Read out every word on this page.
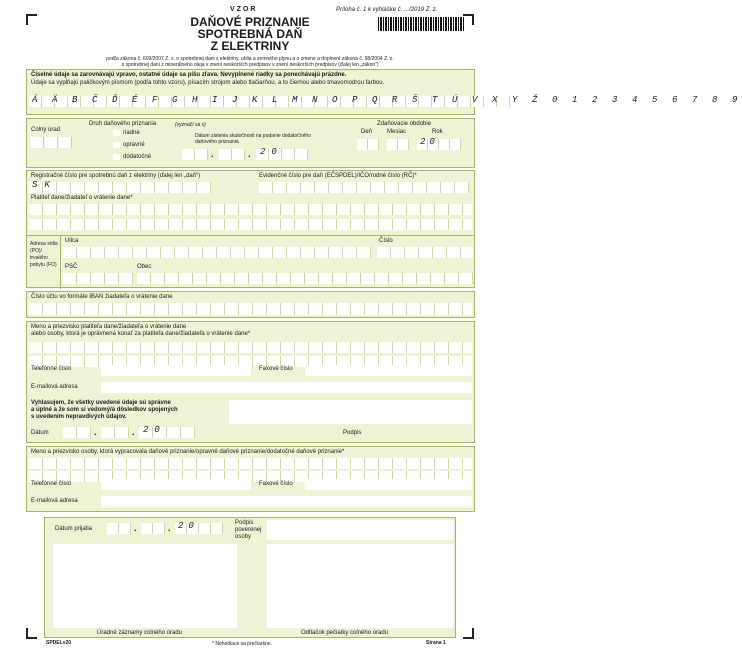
VZOR	Príloha č. 1 k vyhláške č. .../2019 Z. z.
DAŇOVÉ PRIZNANIE
SPOTREBNÁ DAŇ
Z ELEKTRINY
podľa zákona č. 609/2007 Z. z. o spotrebnej dani z elektriny, uhlia a zemného plynu a o zmene a doplnení zákona č. 98/2004 Z. z.
o spotrebnej dani z minerálneho oleja v znení neskorších predpisov v znení neskorších predpisov (ďalej len „zákon“)
Číselné údaje sa zarovnávajú vpravo, ostatné údaje sa píšu zľava. Nevyplnené riadky sa ponechávajú prázdne.
Údaje sa vypĺňajú paličkovým písmom (podľa tohto vzoru), písacím strojom alebo tlačiarňou, a to čiernou alebo tmavomodrou farbou.
Á Ä B Č Ď É F G H I J K L M N O P Q R Š T Ú V X Y Ž 0 1 2 3 4 5 6 7 8 9
Colný úrad
Druh daňového priznania	(vyznačí sa x)
riadne
opravné
dodatočné
Dátum zistenia skutočnosti na podanie dodatočného daňového priznania
.	. 20
Zdaňovacie obdobie
Deň Mesiac	Rok
20
Registračné číslo pre spotrebnú daň z elektriny (ďalej len „daň“)	Evidenčné číslo pre daň (EČSPDEL)/IČO/rodné číslo (RČ)*
SK
Platiteľ dane/žiadateľ o vrátenie dane*
Adresa sídla (PO)/ trvalého pobytu (FO)
Ulica	Číslo
PSČ	Obec
Číslo účtu vo formáte IBAN žiadateľa o vrátenie dane
Meno a priezvisko platiteľa dane/žiadateľa o vrátenie dane
alebo osoby, ktorá je oprávnená konať za platiteľa dane/žiadateľa o vrátenie dane*
Telefónne číslo	Faxové číslo
E-mailová adresa
Vyhlasujem, že všetky uvedené údaje sú správne
a úplné a že som si vedomý/á dôsledkov spojených
s uvedením nepravdivých údajov.
Dátum	.	. 20	Podpis
Meno a priezvisko osoby, ktorá vypracovala daňové priznanie/opravné daňové priznanie/dodatočné daňové priznanie*
Telefónne číslo	Faxové číslo
E-mailová adresa
Dátum prijatia	.	. 20	Podpis
poverenej
osoby
Úradné záznamy colného úradu	Odtlačok pečiatky colného úradu
SPDELv20	* Nehodiace sa prečiarkne.	Strana 1
